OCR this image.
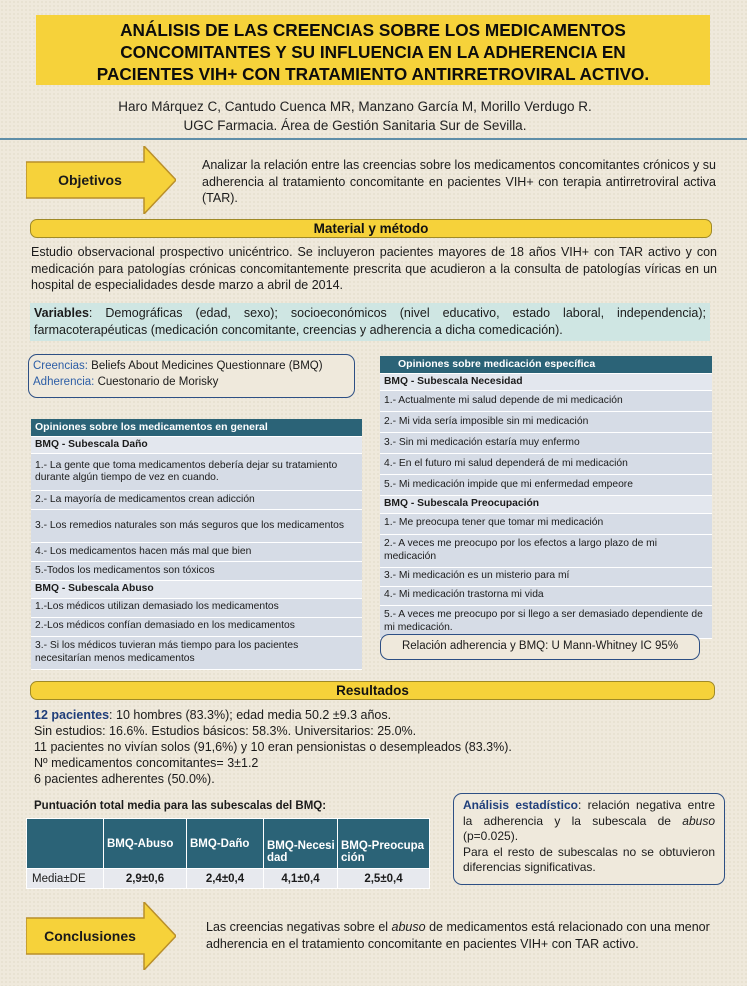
ANÁLISIS DE LAS CREENCIAS SOBRE LOS MEDICAMENTOS
CONCOMITANTES Y SU INFLUENCIA EN LA ADHERENCIA EN
PACIENTES VIH+ CON TRATAMIENTO ANTIRRETROVIRAL ACTIVO.
Haro Márquez C, Cantudo Cuenca MR, Manzano García M, Morillo Verdugo R.
UGC Farmacia. Área de Gestión Sanitaria Sur de Sevilla.
Objetivos
Analizar la relación entre las creencias sobre los medicamentos concomitantes crónicos y su adherencia al tratamiento concomitante en pacientes VIH+ con terapia antirretroviral activa (TAR).
Material y método
Estudio observacional prospectivo unicéntrico. Se incluyeron pacientes mayores de 18 años VIH+ con TAR activo y con medicación para patologías crónicas concomitantemente prescrita que acudieron a la consulta de patologías víricas en un hospital de especialidades desde marzo a abril de 2014.
Variables: Demográficas (edad, sexo); socioeconómicos (nivel educativo, estado laboral, independencia); farmacoterapéuticas (medicación concomitante, creencias y adherencia a dicha comedicación).
Creencias: Beliefs About Medicines Questionnare (BMQ)
Adherencia: Cuestonario de Morisky
Opiniones sobre los medicamentos en general
BMQ - Subescala Daño
1.- La gente que toma medicamentos debería dejar su tratamiento durante algún tiempo de vez en cuando.
2.- La mayoría de medicamentos crean adicción
3.- Los remedios naturales son más seguros que los medicamentos
4.- Los medicamentos hacen más mal que bien
5.-Todos los medicamentos son tóxicos
BMQ - Subescala Abuso
1.-Los médicos utilizan demasiado los medicamentos
2.-Los médicos confían demasiado en los medicamentos
3.- Si los médicos tuvieran más tiempo para los pacientes necesitarían menos medicamentos
Opiniones sobre medicación específica
BMQ - Subescala Necesidad
1.- Actualmente mi salud depende de mi medicación
2.- Mi vida sería imposible sin mi medicación
3.- Sin mi medicación estaría muy enfermo
4.- En el futuro mi salud dependerá de mi medicación
5.- Mi medicación impide que mi enfermedad empeore
BMQ - Subescala Preocupación
1.- Me preocupa tener que tomar mi medicación
2.- A veces me preocupo por los efectos a largo plazo de mi medicación
3.- Mi medicación es un misterio para mí
4.- Mi medicación trastorna mi vida
5.- A veces me preocupo por si llego a ser demasiado dependiente de mi medicación.
Relación adherencia y BMQ: U Mann-Whitney IC 95%
Resultados
12 pacientes: 10 hombres (83.3%); edad media 50.2 ±9.3 años.
Sin estudios: 16.6%. Estudios básicos: 58.3%. Universitarios: 25.0%.
11 pacientes no vivían solos (91,6%) y 10 eran pensionistas o desempleados (83.3%).
Nº medicamentos concomitantes= 3±1.2
6 pacientes adherentes (50.0%).
Puntuación total media para las subescalas del BMQ:
	BMQ-Abuso	BMQ-Daño	BMQ-Necesidad	BMQ-Preocupación
Media±DE	2,9±0,6	2,4±0,4	4,1±0,4	2,5±0,4
Análisis estadístico: relación negativa entre la adherencia y la subescala de abuso (p=0.025).
Para el resto de subescalas no se obtuvieron diferencias significativas.
Conclusiones
Las creencias negativas sobre el abuso de medicamentos está relacionado con una menor adherencia en el tratamiento concomitante en pacientes VIH+ con TAR activo.
